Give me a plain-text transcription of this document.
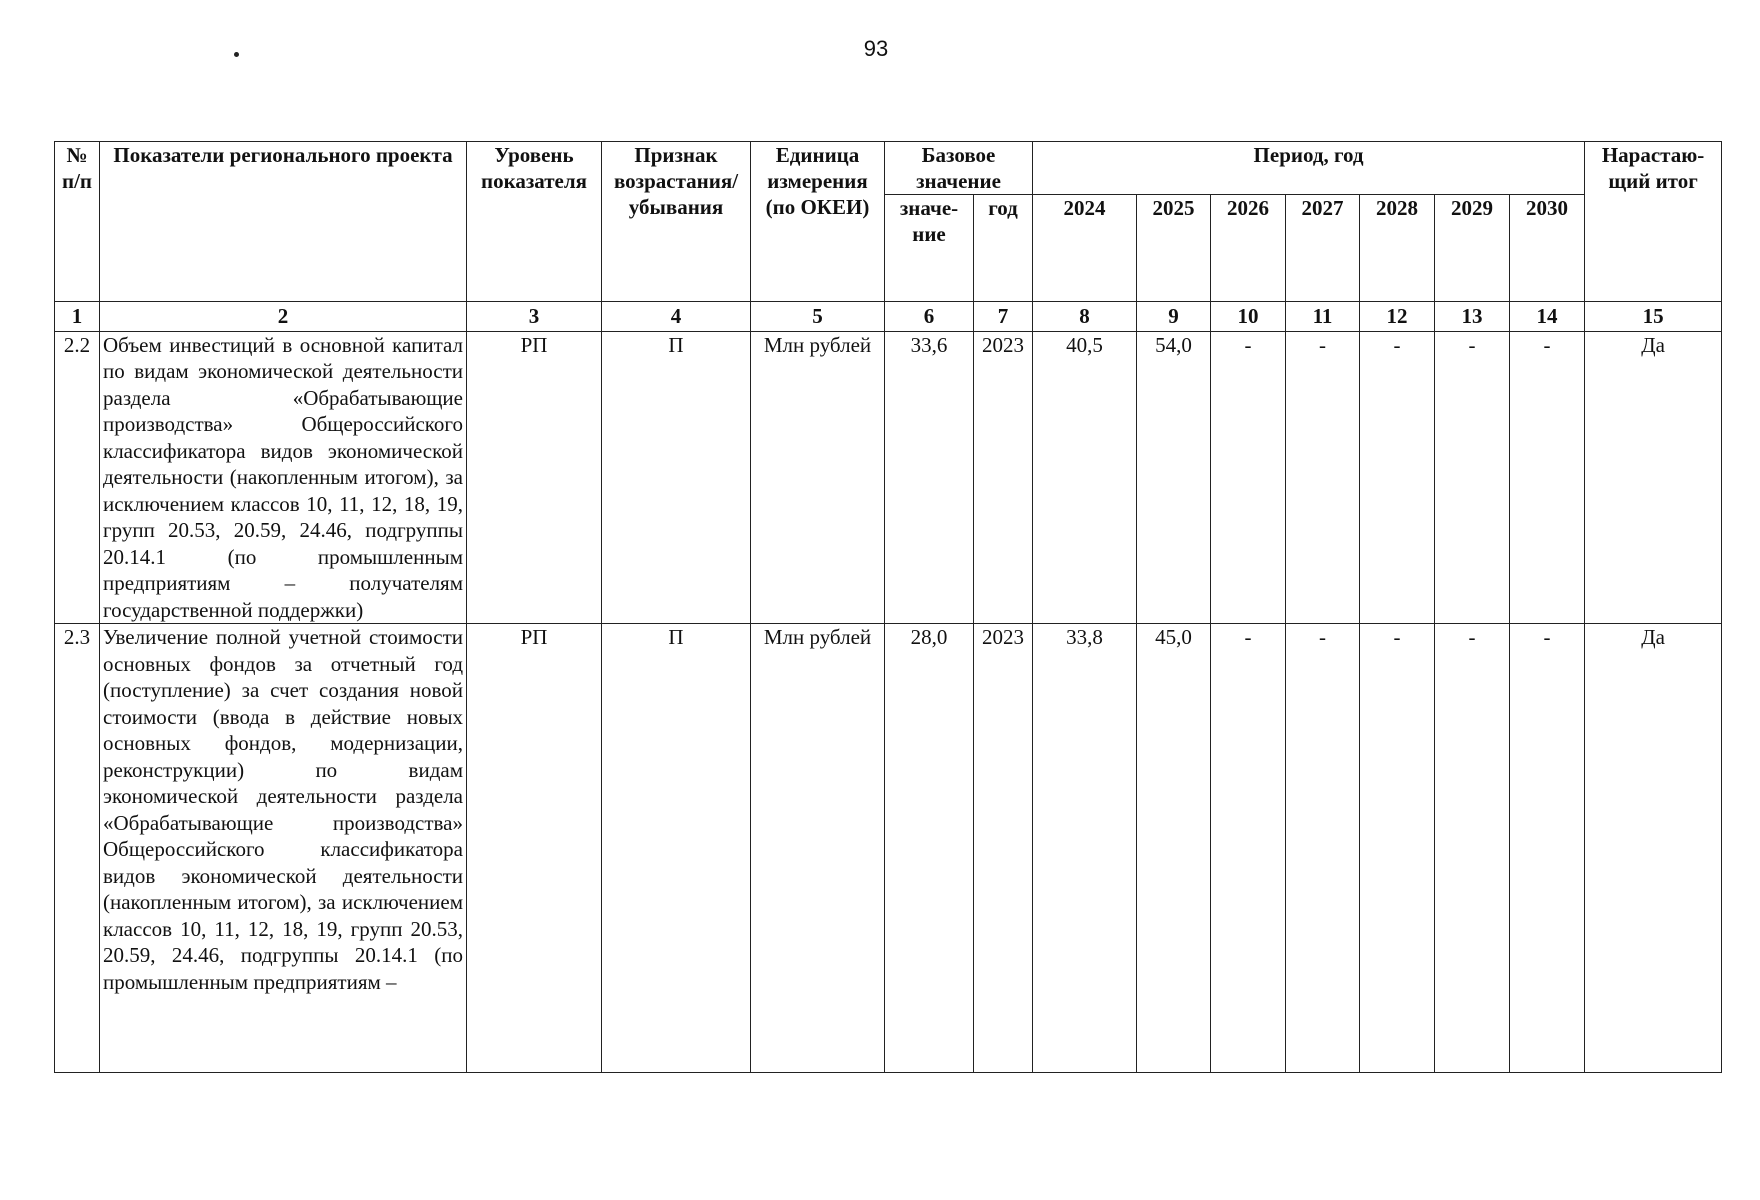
93
№ п/п	Показатели регионального проекта	Уровень показателя	Признак возрастания/ убывания	Единица измерения (по ОКЕИ)	Базовое значение		Период, год							Нарастаю-щий итог
					значе-ние	год	2024	2025	2026	2027	2028	2029	2030	
1	2	3	4	5	6	7	8	9	10	11	12	13	14	15
2.2	Объем инвестиций в основной капитал по видам экономической деятельности раздела «Обрабатывающие производства» Общероссийского классификатора видов экономической деятельности (накопленным итогом), за исключением классов 10, 11, 12, 18, 19, групп 20.53, 20.59, 24.46, подгруппы 20.14.1 (по промышленным предприятиям – получателям государственной поддержки)	РП	П	Млн рублей	33,6	2023	40,5	54,0	-	-	-	-	-	Да
2.3	Увеличение полной учетной стоимости основных фондов за отчетный год (поступление) за счет создания новой стоимости (ввода в действие новых основных фондов, модернизации, реконструкции) по видам экономической деятельности раздела «Обрабатывающие производства» Общероссийского классификатора видов экономической деятельности (накопленным итогом), за исключением классов 10, 11, 12, 18, 19, групп 20.53, 20.59, 24.46, подгруппы 20.14.1 (по промышленным предприятиям –	РП	П	Млн рублей	28,0	2023	33,8	45,0	-	-	-	-	-	Да
